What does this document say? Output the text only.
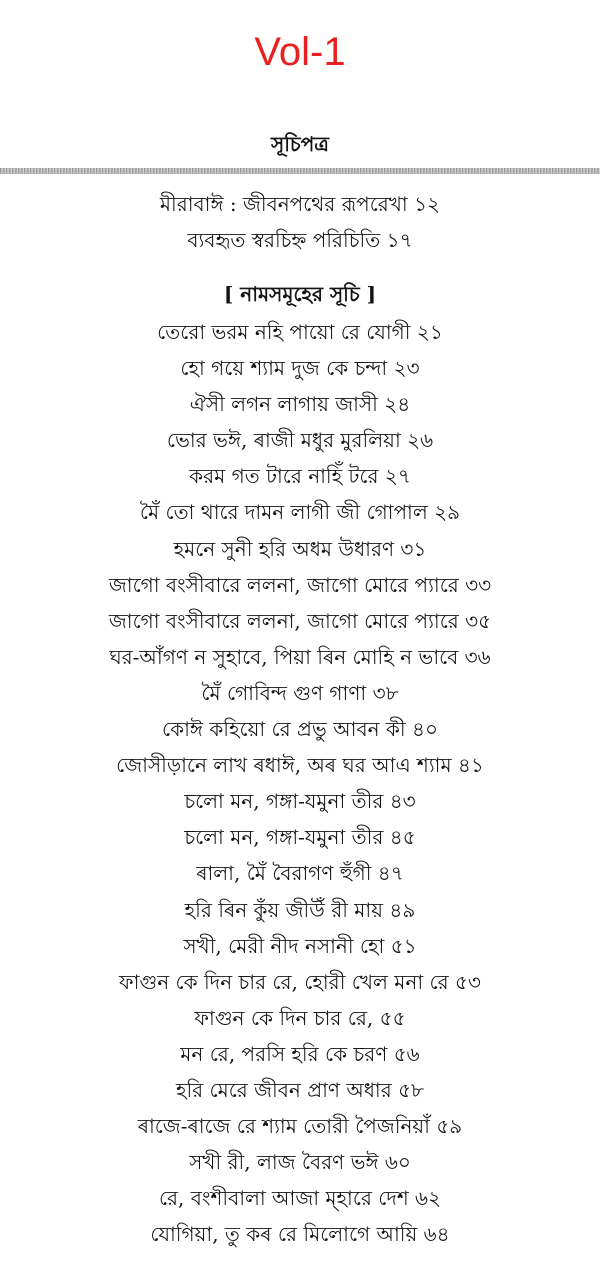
Vol-1
সূচিপত্র
মীরাবাঈ : জীবনপথের রূপরেখা ১২
ব্যবহৃত স্বরচিহ্ন পরিচিতি ১৭
[ নামসমূহের সূচি ]
তেরো ভরম নহি পায়ো রে যোগী ২১
হো গয়ে শ্যাম দুজ কে চন্দা ২৩
ঐসী লগন লাগায় জাসী ২৪
ভোর ভঈ, ৰাজী মধুর মুরলিয়া ২৬
করম গত টারে নাহিঁ টরে ২৭
মৈঁ তো থারে দামন লাগী জী গোপাল ২৯
হমনে সুনী হরি অধম উধারণ ৩১
জাগো বংসীবারে ললনা, জাগো মোরে প্যারে ৩৩
জাগো বংসীবারে ললনা, জাগো মোরে প্যারে ৩৫
ঘর-আঁগণ ন সুহাবে, পিয়া ৰিন মোহি ন ভাবে ৩৬
মৈঁ গোবিন্দ গুণ গাণা ৩৮
কোঈ কহিয়ো রে প্রভু আবন কী ৪০
জোসীড়ানে লাখ ৰধাঈ, অৰ ঘর আএ শ্যাম ৪১
চলো মন, গঙ্গা-যমুনা তীর ৪৩
চলো মন, গঙ্গা-যমুনা তীর ৪৫
ৰালা, মৈঁ বৈরাগণ হুঁগী ৪৭
হরি ৰিন কুঁয় জীউঁ রী মায় ৪৯
সখী, মেরী নীদ নসানী হো ৫১
ফাগুন কে দিন চার রে, হোরী খেল মনা রে ৫৩
ফাগুন কে দিন চার রে, ৫৫
মন রে, পরসি হরি কে চরণ ৫৬
হরি মেরে জীবন প্রাণ অধার ৫৮
ৰাজে-ৰাজে রে শ্যাম তোরী পৈজনিয়াঁ ৫৯
সখী রী, লাজ বৈরণ ভঈ ৬০
রে, বংশীবালা আজা ম্হারে দেশ ৬২
যোগিয়া, তু কৰ রে মিলোগে আয়ি ৬৪
